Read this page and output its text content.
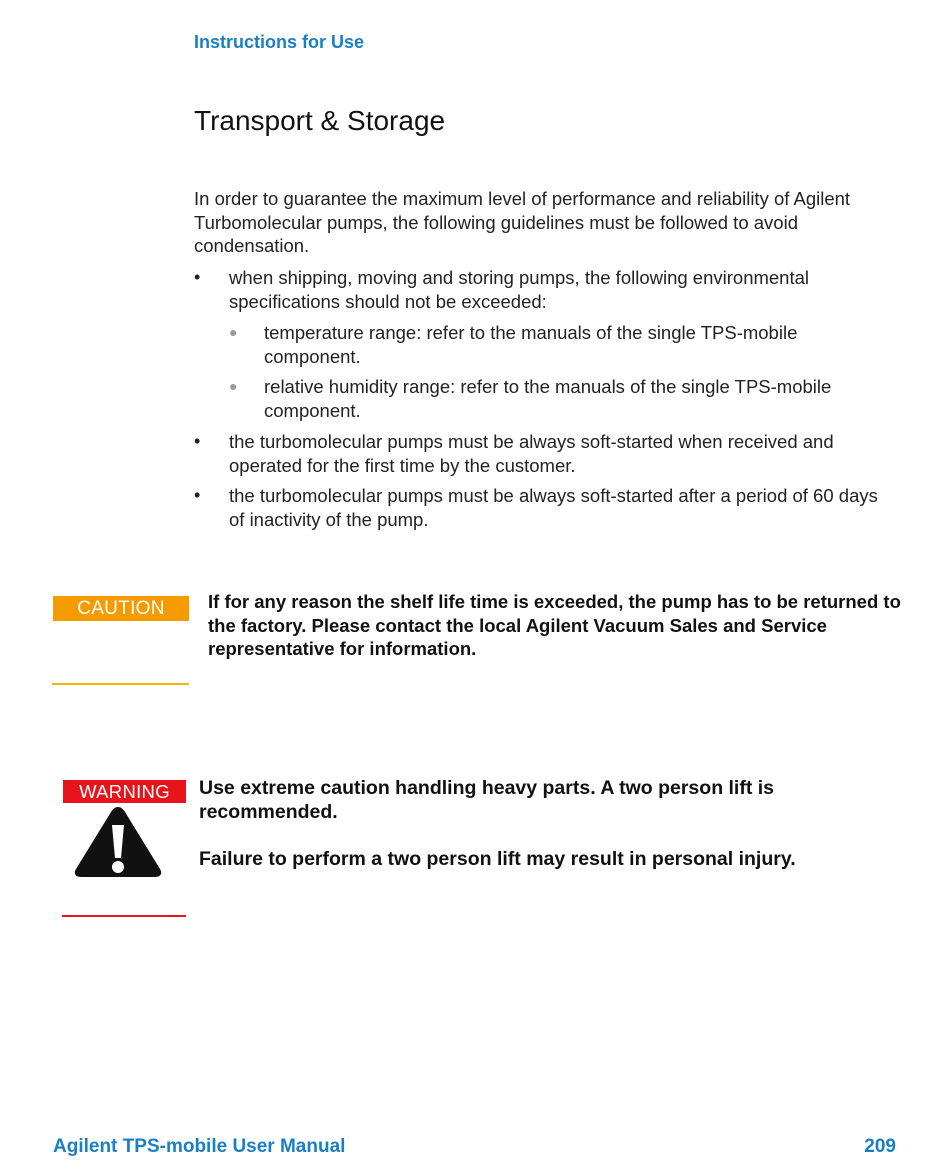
Instructions for Use
Transport & Storage
In order to guarantee the maximum level of performance and reliability of Agilent Turbomolecular pumps, the following guidelines must be followed to avoid condensation.
•	when shipping, moving and storing pumps, the following environmental specifications should not be exceeded:
● temperature range: refer to the manuals of the single TPS-mobile component.
● relative humidity range: refer to the manuals of the single TPS-mobile component.
•	the turbomolecular pumps must be always soft-started when received and operated for the first time by the customer.
•	the turbomolecular pumps must be always soft-started after a period of 60 days of inactivity of the pump.
CAUTION	If for any reason the shelf life time is exceeded, the pump has to be returned to the factory. Please contact the local Agilent Vacuum Sales and Service representative for information.
WARNING	Use extreme caution handling heavy parts. A two person lift is recommended.
Failure to perform a two person lift may result in personal injury.
Agilent TPS-mobile User Manual	209
